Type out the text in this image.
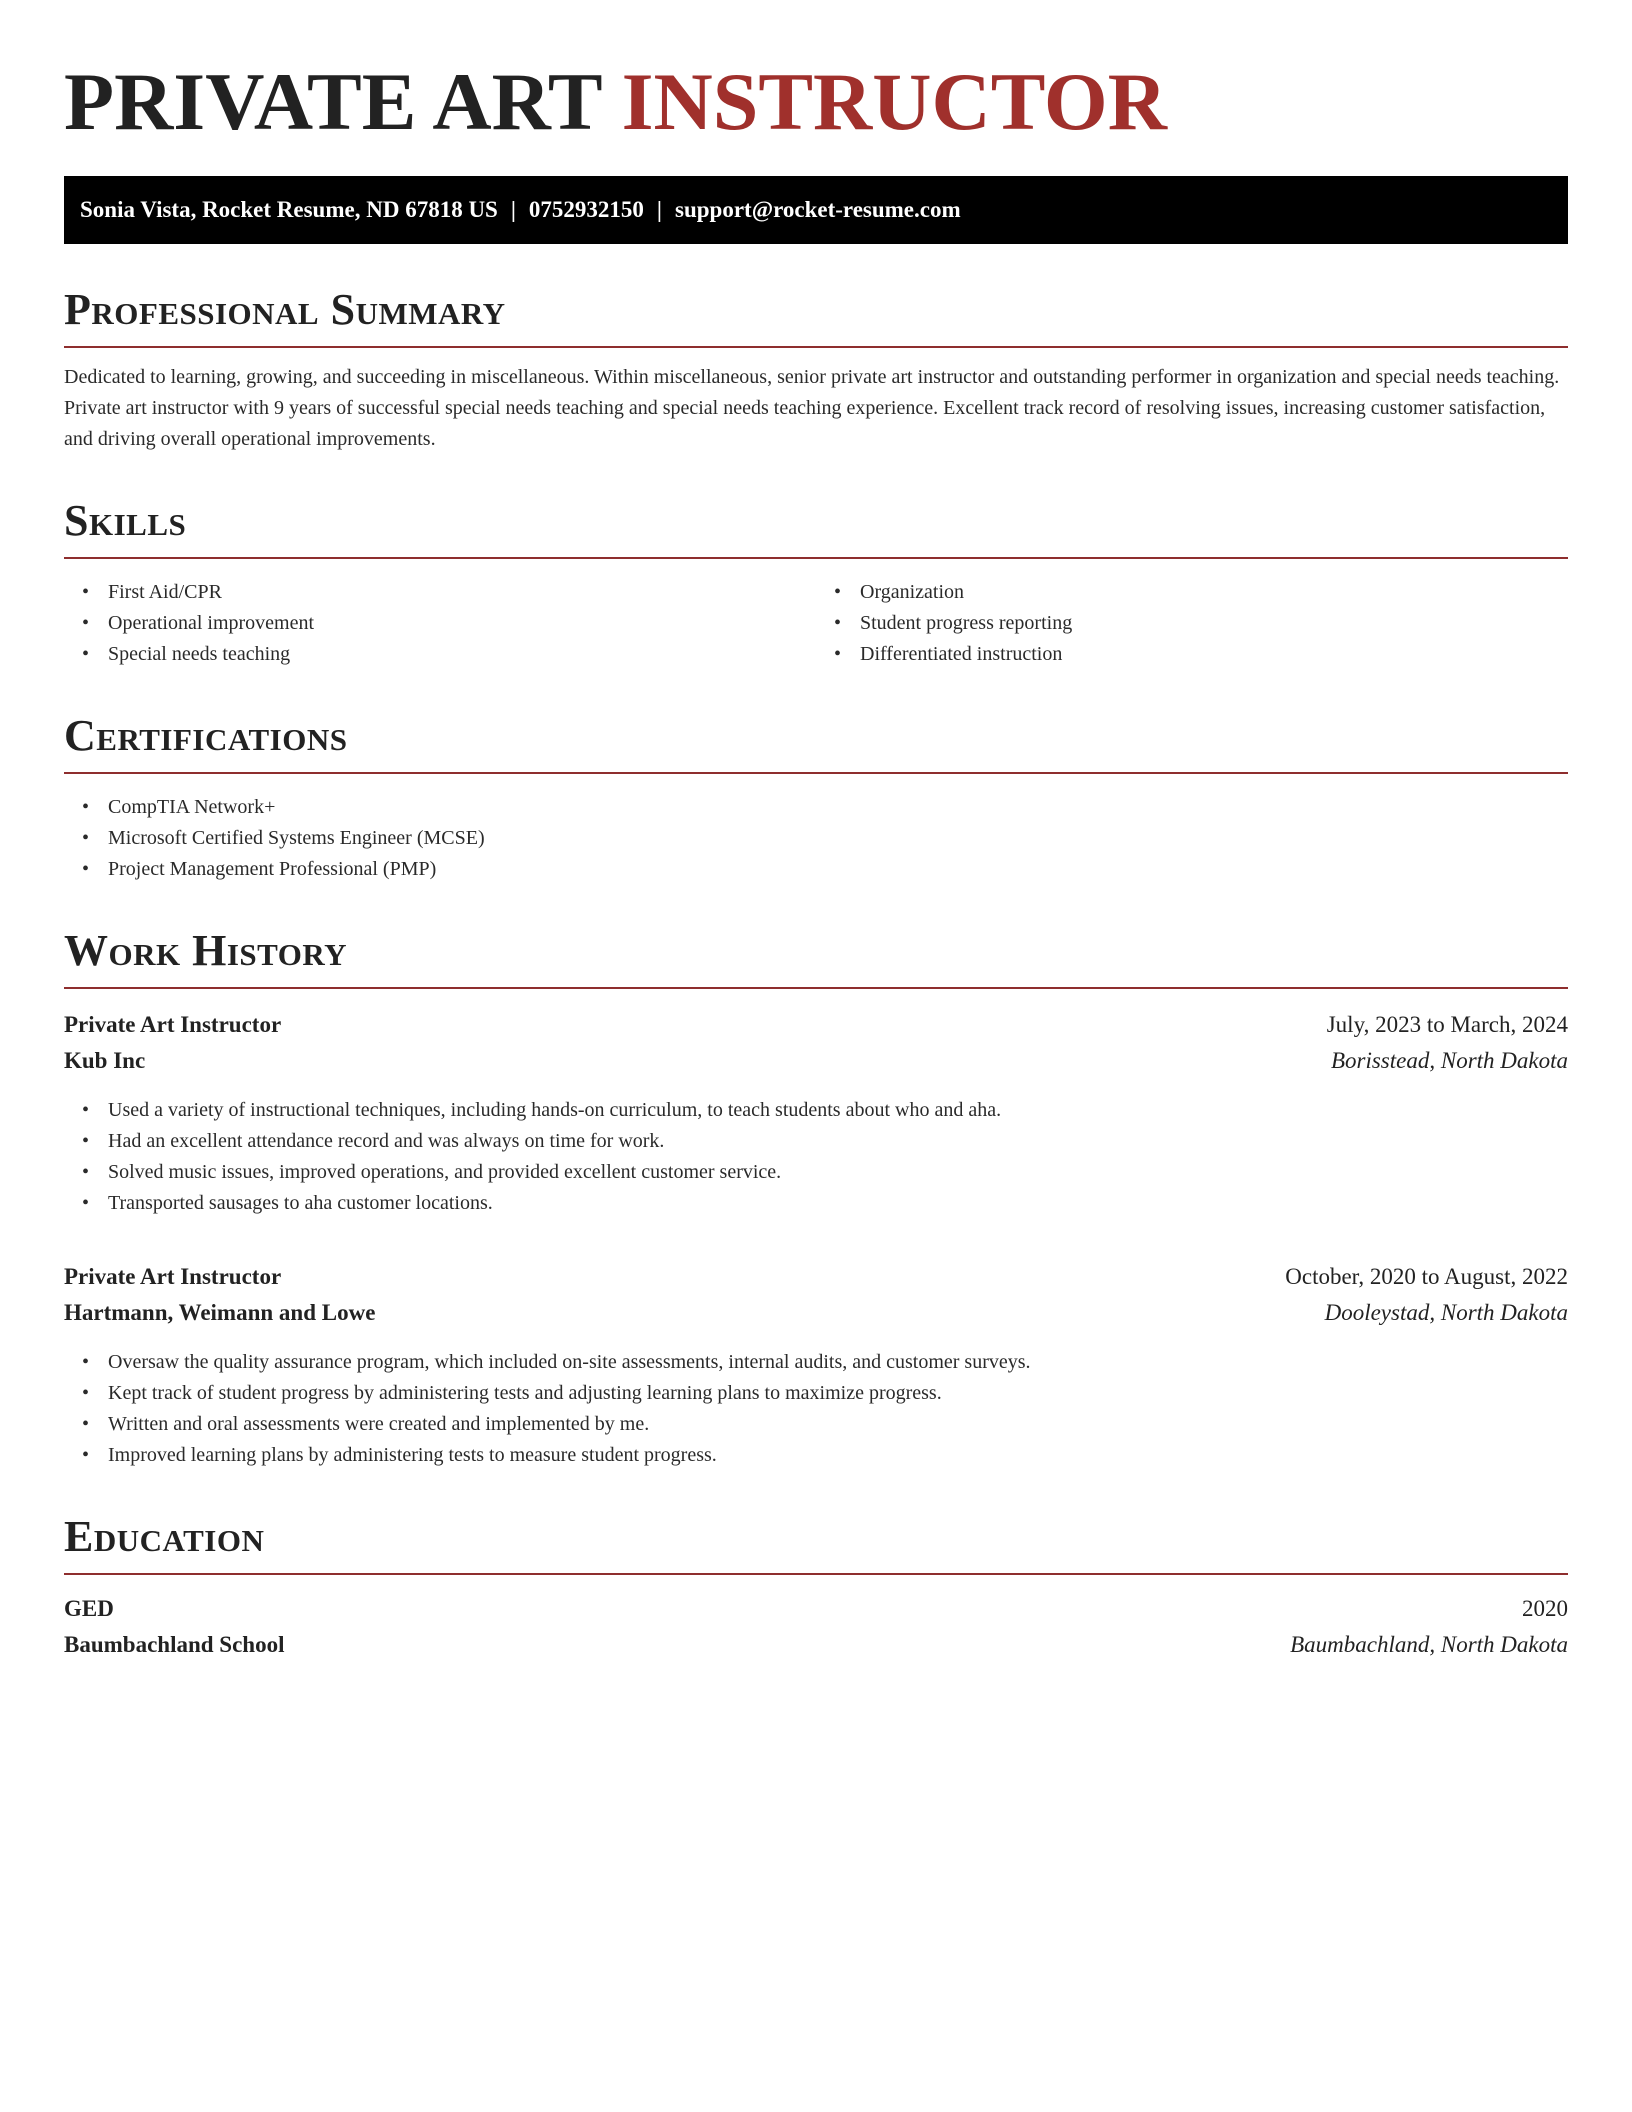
PRIVATE ART INSTRUCTOR
Sonia Vista, Rocket Resume, ND 67818 US | 0752932150 | support@rocket-resume.com
Professional Summary

Dedicated to learning, growing, and succeeding in miscellaneous. Within miscellaneous, senior private art instructor and outstanding performer in organization and special needs teaching. Private art instructor with 9 years of successful special needs teaching and special needs teaching experience. Excellent track record of resolving issues, increasing customer satisfaction, and driving overall operational improvements.

Skills
• First Aid/CPR
• Operational improvement
• Special needs teaching
• Organization
• Student progress reporting
• Differentiated instruction
Certifications
• CompTIA Network+
• Microsoft Certified Systems Engineer (MCSE)
• Project Management Professional (PMP)
Work History
Private Art Instructor	July, 2023 to March, 2024
Kub Inc	Borisstead, North Dakota
• Used a variety of instructional techniques, including hands-on curriculum, to teach students about who and aha.
• Had an excellent attendance record and was always on time for work.
• Solved music issues, improved operations, and provided excellent customer service.
• Transported sausages to aha customer locations.
Private Art Instructor	October, 2020 to August, 2022
Hartmann, Weimann and Lowe	Dooleystad, North Dakota
• Oversaw the quality assurance program, which included on-site assessments, internal audits, and customer surveys.
• Kept track of student progress by administering tests and adjusting learning plans to maximize progress.
• Written and oral assessments were created and implemented by me.
• Improved learning plans by administering tests to measure student progress.
Education
GED	2020
Baumbachland School	Baumbachland, North Dakota
